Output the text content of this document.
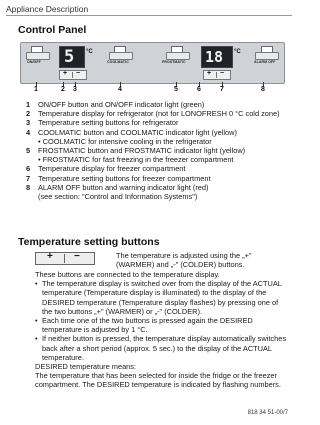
Appliance Description
Control Panel
ON/OFF 5 °C
COOLMATIC	FROSTMATIC 18 °C
ALARM OFF
+ −	+ −
1	2 3	4	5	6	7	8
1	ON/OFF button and ON/OFF indicator light (green)
2	Temperature display for refrigerator (not for LONOFRESH 0 °C cold zone)
3	Temperature setting buttons for refrigerator
4	COOLMATIC button and COOLMATIC indicator light (yellow)
• COOLMATIC for intensive cooling in the refrigerator
5	FROSTMATIC button and FROSTMATIC indicator light (yellow)
• FROSTMATIC for fast freezing in the freezer compartment
6	Temperature display for freezer compartment
7	Temperature setting buttons for freezer compartment
8	ALARM OFF button and warning indicator light (red)
(see section: "Control and Information Systems")
Temperature setting buttons
+ −	The temperature is adjusted using the „+" (WARMER) and „-" (COLDER) buttons.

These buttons are connected to the temperature display.

• The temperature display is switched over from the display of the ACTUAL temperature (Temperature display is illuminated) to the display of the DESIRED temperature (Temperature display flashes) by pressing one of the two buttons „+" (WARMER) or „-" (COLDER).
• Each time one of the two buttons is pressed again the DESIRED temperature is adjusted by 1 °C.
• If neither button is pressed, the temperature display automatically switches back after a short period (approx. 5 sec.) to the display of the ACTUAL temperature.

DESIRED temperature means:

The temperature that has been selected for inside the fridge or the freezer compartment. The DESIRED temperature is indicated by flashing numbers.

818 34 51-00/7
